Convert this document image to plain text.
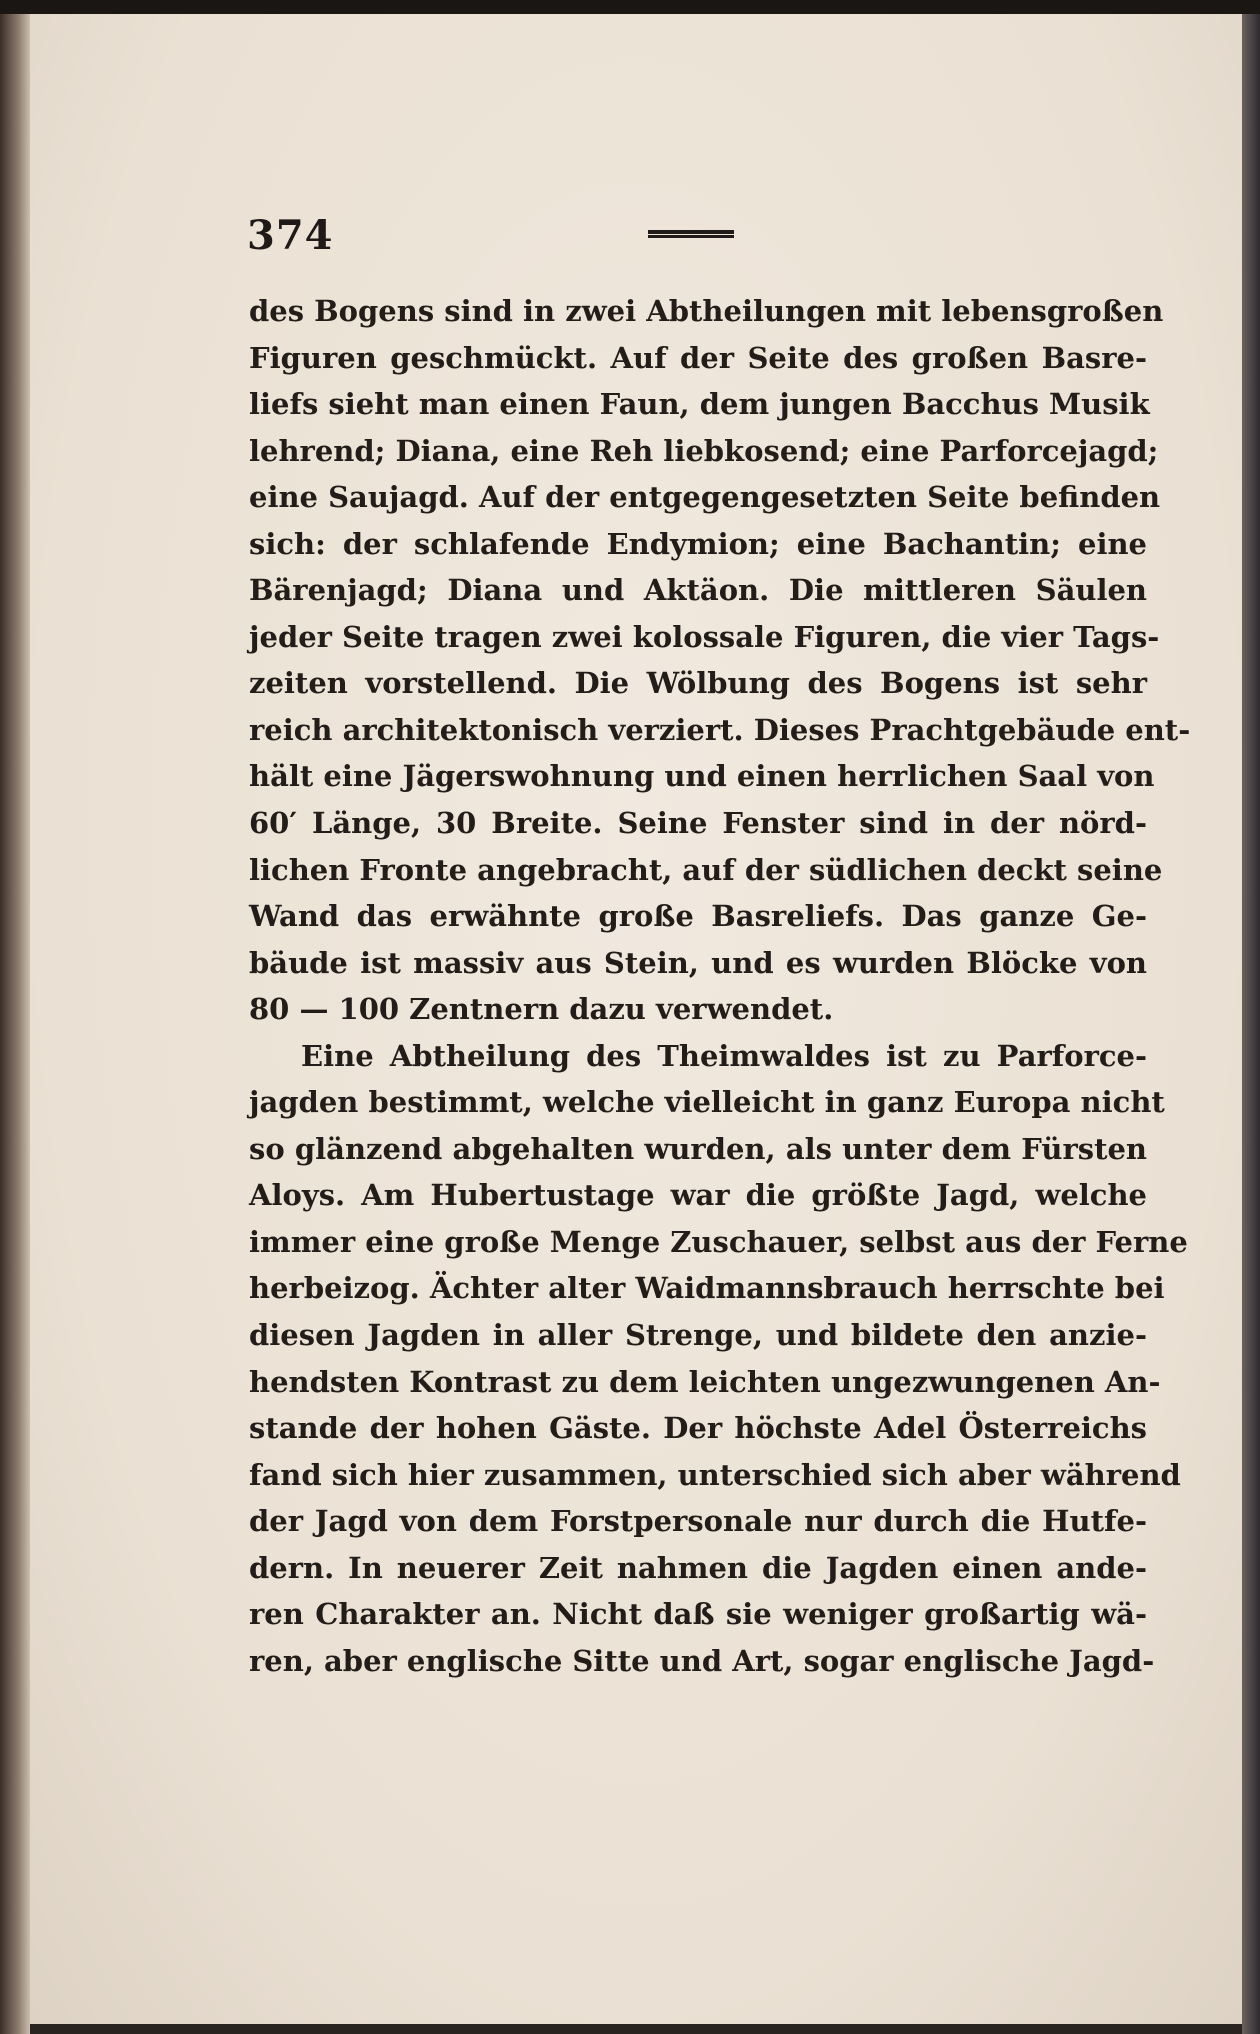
374
des Bogens sind in zwei Abtheilungen mit lebensgroßen
Figuren geschmückt. Auf der Seite des großen Basre-
liefs sieht man einen Faun, dem jungen Bacchus Musik
lehrend; Diana, eine Reh liebkosend; eine Parforcejagd;
eine Saujagd. Auf der entgegengesetzten Seite befinden
sich: der schlafende Endymion; eine Bachantin; eine
Bärenjagd; Diana und Aktäon. Die mittleren Säulen
jeder Seite tragen zwei kolossale Figuren, die vier Tags-
zeiten vorstellend. Die Wölbung des Bogens ist sehr
reich architektonisch verziert. Dieses Prachtgebäude ent-
hält eine Jägerswohnung und einen herrlichen Saal von
60′ Länge, 30 Breite. Seine Fenster sind in der nörd-
lichen Fronte angebracht, auf der südlichen deckt seine
Wand das erwähnte große Basreliefs. Das ganze Ge-
bäude ist massiv aus Stein, und es wurden Blöcke von
80 — 100 Zentnern dazu verwendet.
Eine Abtheilung des Theimwaldes ist zu Parforce-
jagden bestimmt, welche vielleicht in ganz Europa nicht
so glänzend abgehalten wurden, als unter dem Fürsten
Aloys. Am Hubertustage war die größte Jagd, welche
immer eine große Menge Zuschauer, selbst aus der Ferne
herbeizog. Ächter alter Waidmannsbrauch herrschte bei
diesen Jagden in aller Strenge, und bildete den anzie-
hendsten Kontrast zu dem leichten ungezwungenen An-
stande der hohen Gäste. Der höchste Adel Österreichs
fand sich hier zusammen, unterschied sich aber während
der Jagd von dem Forstpersonale nur durch die Hutfe-
dern. In neuerer Zeit nahmen die Jagden einen ande-
ren Charakter an. Nicht daß sie weniger großartig wä-
ren, aber englische Sitte und Art, sogar englische Jagd-
